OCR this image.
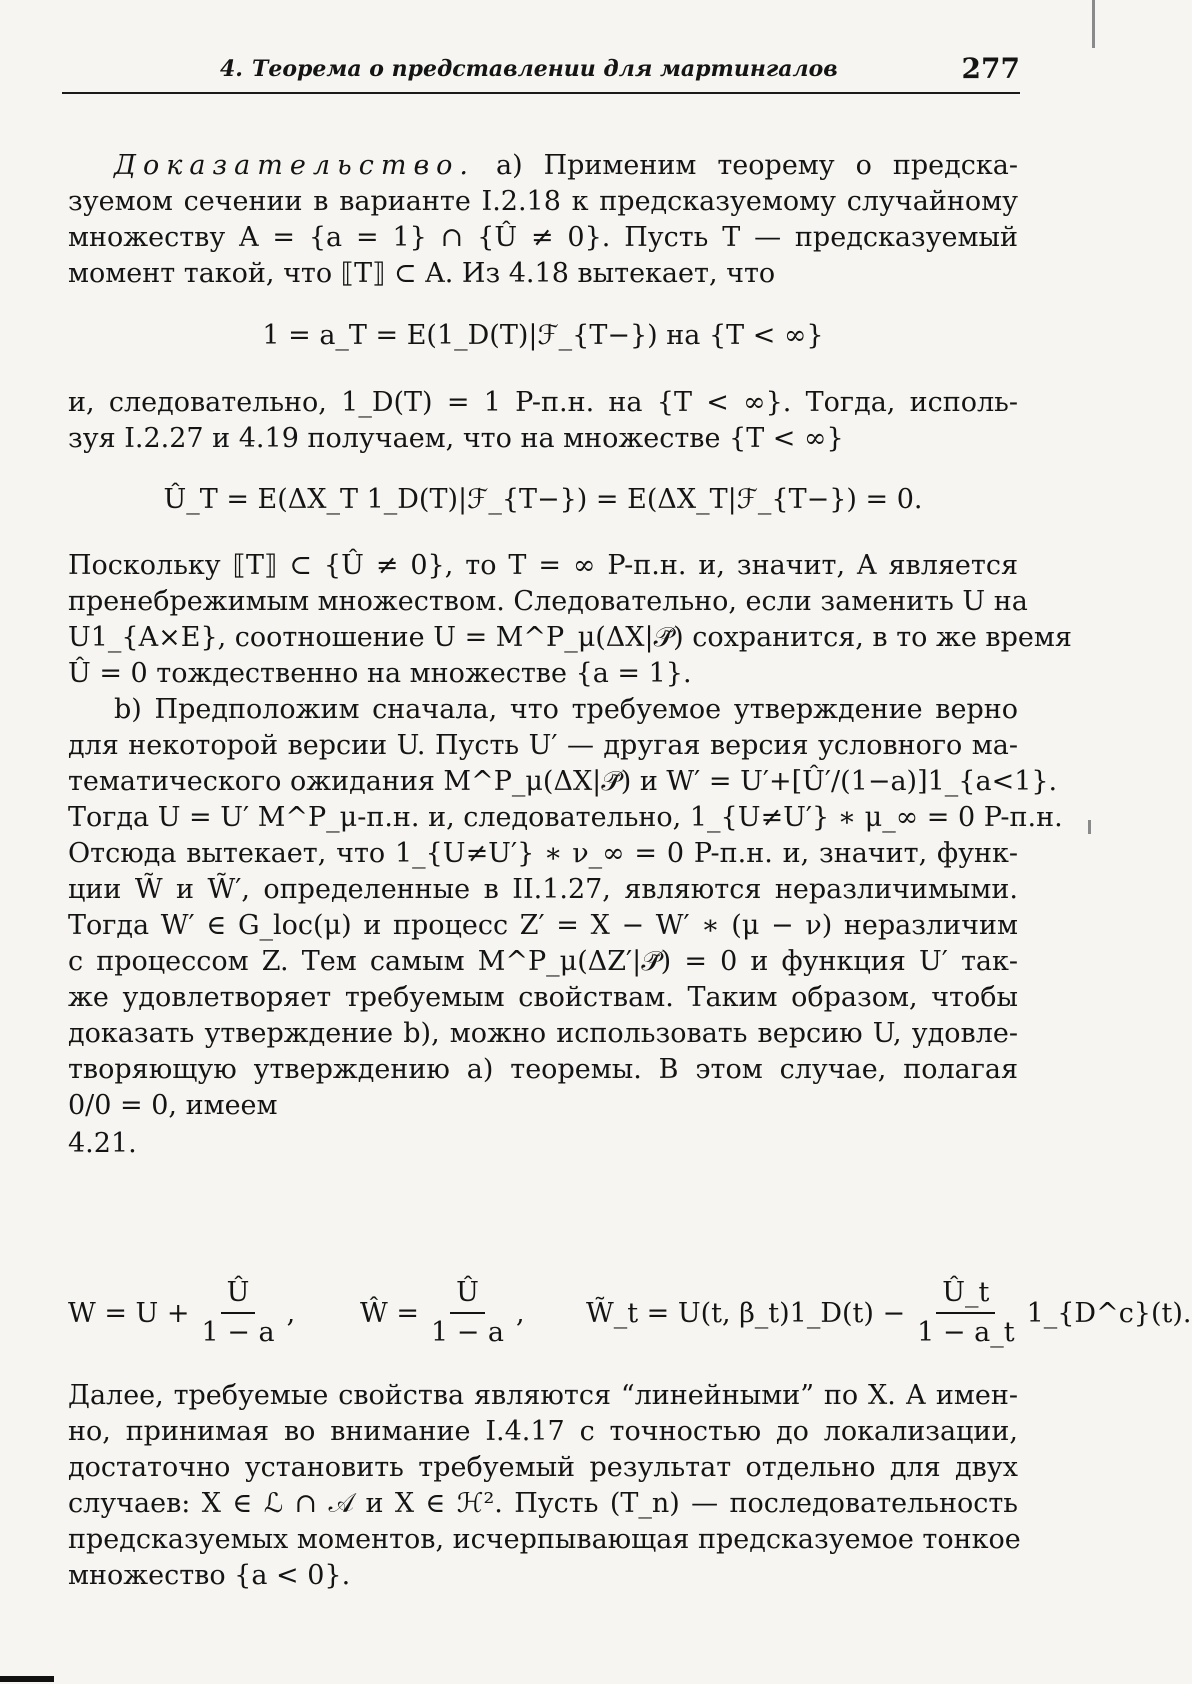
4. Теорема о представлении для мартингалов	277
Доказательство. а) Применим теорему о предска-
зуемом сечении в варианте I.2.18 к предсказуемому случайному
множеству A = {a = 1} ∩ {Û ≠ 0}. Пусть T — предсказуемый
момент такой, что ⟦T⟧ ⊂ A. Из 4.18 вытекает, что
1 = a_T = E(1_D(T)|ℱ_{T−}) на {T < ∞}
и, следовательно, 1_D(T) = 1 P-п.н. на {T < ∞}. Тогда, исполь-
зуя I.2.27 и 4.19 получаем, что на множестве {T < ∞}
Û_T = E(ΔX_T 1_D(T)|ℱ_{T−}) = E(ΔX_T|ℱ_{T−}) = 0.
Поскольку ⟦T⟧ ⊂ {Û ≠ 0}, то T = ∞ P-п.н. и, значит, A является
пренебрежимым множеством. Следовательно, если заменить U на
U1_{A×E}, соотношение U = M^P_μ(ΔX|𝒫̃) сохранится, в то же время
Û = 0 тождественно на множестве {a = 1}.
b) Предположим сначала, что требуемое утверждение верно
для некоторой версии U. Пусть U′ — другая версия условного ма-
тематического ожидания M^P_μ(ΔX|𝒫̃) и W′ = U′+[Û′/(1−a)]1_{a<1}.
Тогда U = U′ M^P_μ-п.н. и, следовательно, 1_{U≠U′} ∗ μ_∞ = 0 P-п.н.
Отсюда вытекает, что 1_{U≠U′} ∗ ν_∞ = 0 P-п.н. и, значит, функ-
ции W̃ и W̃′, определенные в II.1.27, являются неразличимыми.
Тогда W′ ∈ G_loc(μ) и процесс Z′ = X − W′ ∗ (μ − ν) неразличим
с процессом Z. Тем самым M^P_μ(ΔZ′|𝒫̃) = 0 и функция U′ так-
же удовлетворяет требуемым свойствам. Таким образом, чтобы
доказать утверждение b), можно использовать версию U, удовле-
творяющую утверждению а) теоремы. В этом случае, полагая
0/0 = 0, имеем
4.21.
$W = U + \frac{Û}{1 - a}$ , Ŵ = $\frac{Û}{1 - a}$ , W̃_t = U(t, β_t)1_D(t) − $\frac{Û\_t}{1 - a\_t}$ 1_{D^c}(t).
Далее, требуемые свойства являются “линейными” по X. А имен-
но, принимая во внимание I.4.17 с точностью до локализации,
достаточно установить требуемый результат отдельно для двух
случаев: X ∈ ℒ ∩ 𝒜 и X ∈ ℋ². Пусть (T_n) — последовательность
предсказуемых моментов, исчерпывающая предсказуемое тонкое
множество {a < 0}.
